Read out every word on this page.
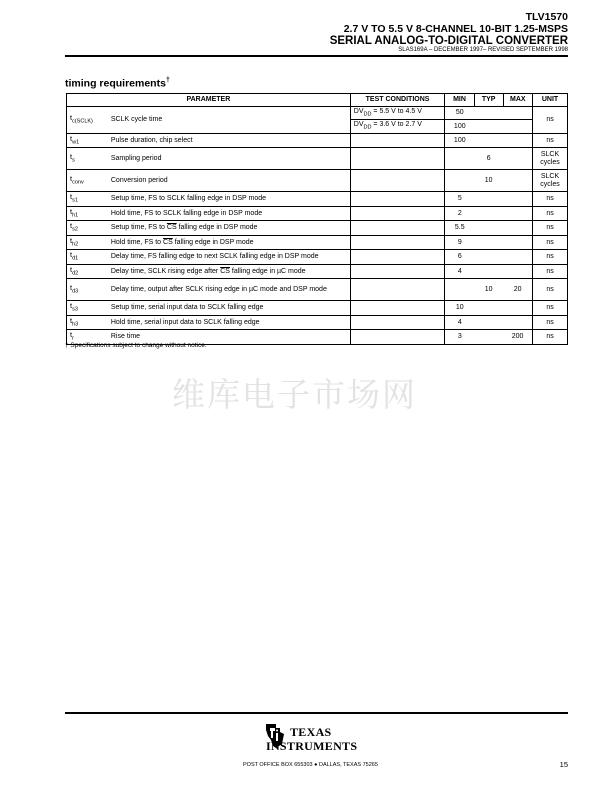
TLV1570
2.7 V TO 5.5 V 8-CHANNEL 10-BIT 1.25-MSPS
SERIAL ANALOG-TO-DIGITAL CONVERTER
SLAS169A – DECEMBER 1997– REVISED SEPTEMBER 1998
timing requirements†
PARAMETER		TEST CONDITIONS	MIN	TYP	MAX	UNIT
$t_{c(SCLK)}$	SCLK cycle time	$DV_{DD} = 5.5$ V to 4.5 V	50			ns
		$DV_{DD} = 3.6$ V to 2.7 V	100			
$t_{w1}$	Pulse duration, chip select		100			ns
$t_s$	Sampling period			6		SLCK
cycles
$t_{conv}$	Conversion period			10		SLCK
cycles
$t_{s1}$	Setup time, FS to SCLK falling edge in DSP mode		5			ns
$t_{h1}$	Hold time, FS to SCLK falling edge in DSP mode		2			ns
$t_{s2}$	Setup time, FS to $\overline{CS}$ falling edge in DSP mode		5.5			ns
$t_{h2}$	Hold time, FS to $\overline{CS}$ falling edge in DSP mode		9			ns
$t_{d1}$	Delay time, FS falling edge to next SCLK falling edge in DSP mode		6			ns
$t_{d2}$	Delay time, SCLK rising edge after $\overline{CS}$ falling edge in µC mode		4			ns
$t_{d3}$	Delay time, output after SCLK rising edge in µC mode and DSP mode			10	20	ns
$t_{s3}$	Setup time, serial input data to SCLK falling edge		10			ns
$t_{h3}$	Hold time, serial input data to SCLK falling edge		4			ns
$t_r$	Rise time		3		200	ns
† Specifications subject to change without notice.
维库电子市场网
TEXAS
INSTRUMENTS
POST OFFICE BOX 655303 ● DALLAS, TEXAS 75265	15
